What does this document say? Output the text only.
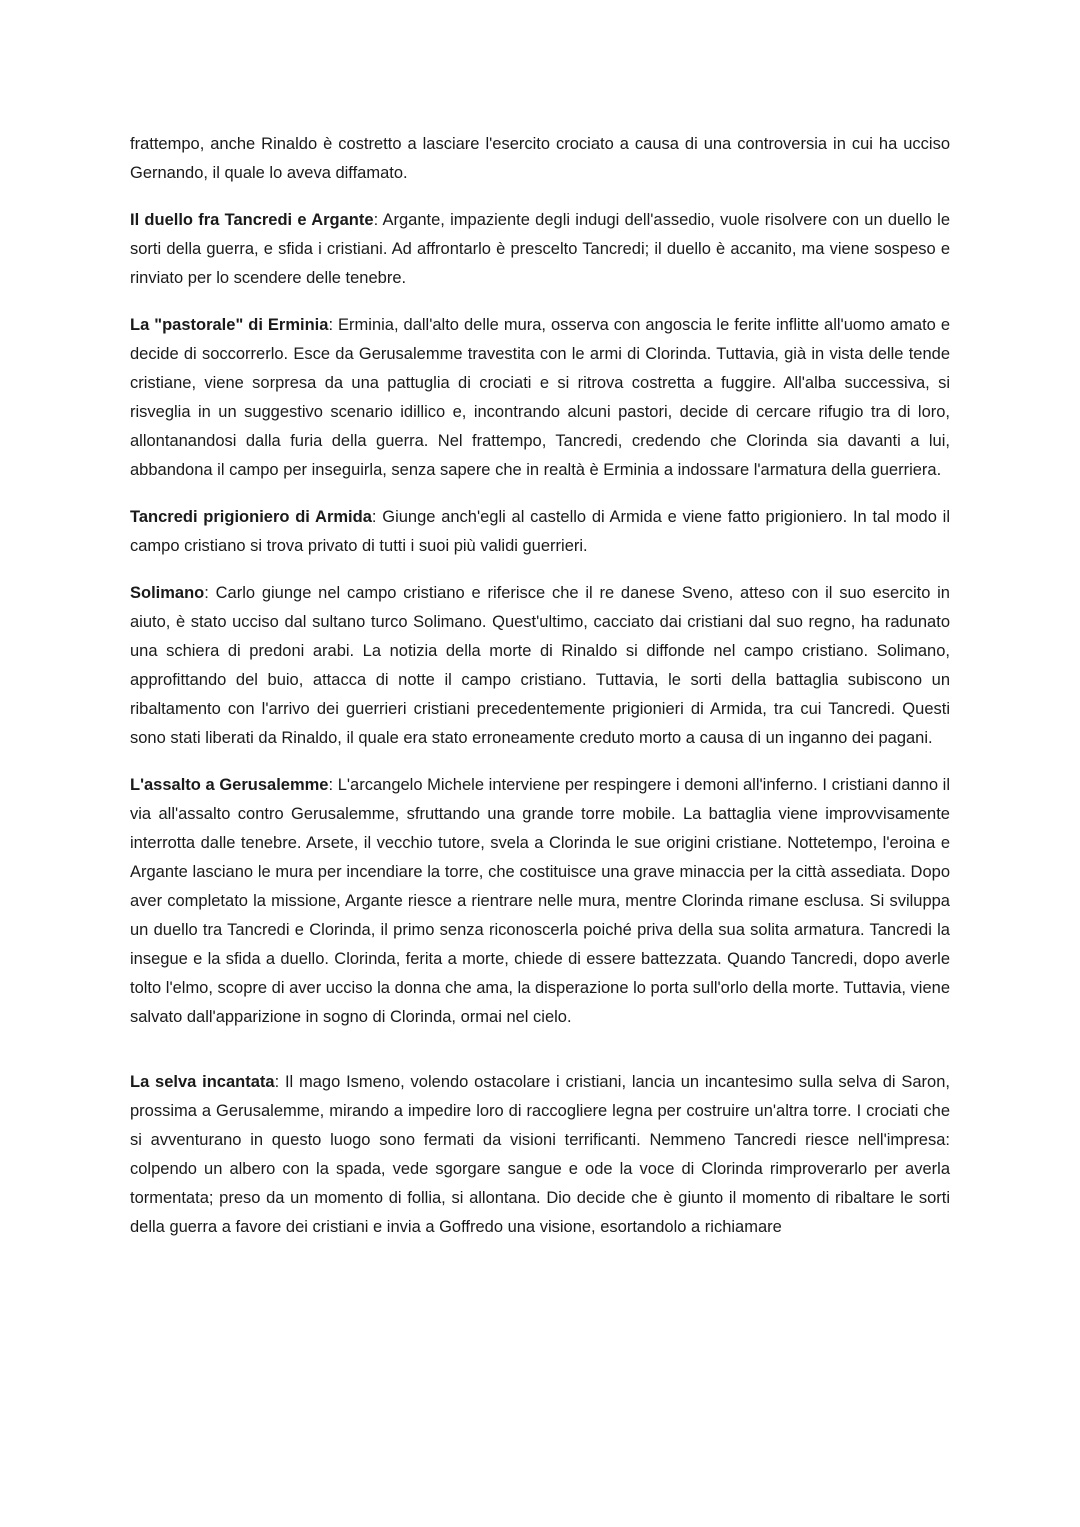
frattempo, anche Rinaldo è costretto a lasciare l'esercito crociato a causa di una controversia in cui ha ucciso Gernando, il quale lo aveva diffamato.

Il duello fra Tancredi e Argante: Argante, impaziente degli indugi dell'assedio, vuole risolvere con un duello le sorti della guerra, e sfida i cristiani. Ad affrontarlo è prescelto Tancredi; il duello è accanito, ma viene sospeso e rinviato per lo scendere delle tenebre.

La "pastorale" di Erminia: Erminia, dall'alto delle mura, osserva con angoscia le ferite inflitte all'uomo amato e decide di soccorrerlo. Esce da Gerusalemme travestita con le armi di Clorinda. Tuttavia, già in vista delle tende cristiane, viene sorpresa da una pattuglia di crociati e si ritrova costretta a fuggire. All'alba successiva, si risveglia in un suggestivo scenario idillico e, incontrando alcuni pastori, decide di cercare rifugio tra di loro, allontanandosi dalla furia della guerra. Nel frattempo, Tancredi, credendo che Clorinda sia davanti a lui, abbandona il campo per inseguirla, senza sapere che in realtà è Erminia a indossare l'armatura della guerriera.

Tancredi prigioniero di Armida: Giunge anch'egli al castello di Armida e viene fatto prigioniero. In tal modo il campo cristiano si trova privato di tutti i suoi più validi guerrieri.

Solimano: Carlo giunge nel campo cristiano e riferisce che il re danese Sveno, atteso con il suo esercito in aiuto, è stato ucciso dal sultano turco Solimano. Quest'ultimo, cacciato dai cristiani dal suo regno, ha radunato una schiera di predoni arabi. La notizia della morte di Rinaldo si diffonde nel campo cristiano. Solimano, approfittando del buio, attacca di notte il campo cristiano. Tuttavia, le sorti della battaglia subiscono un ribaltamento con l'arrivo dei guerrieri cristiani precedentemente prigionieri di Armida, tra cui Tancredi. Questi sono stati liberati da Rinaldo, il quale era stato erroneamente creduto morto a causa di un inganno dei pagani.

L'assalto a Gerusalemme: L'arcangelo Michele interviene per respingere i demoni all'inferno. I cristiani danno il via all'assalto contro Gerusalemme, sfruttando una grande torre mobile. La battaglia viene improvvisamente interrotta dalle tenebre. Arsete, il vecchio tutore, svela a Clorinda le sue origini cristiane. Nottetempo, l'eroina e Argante lasciano le mura per incendiare la torre, che costituisce una grave minaccia per la città assediata. Dopo aver completato la missione, Argante riesce a rientrare nelle mura, mentre Clorinda rimane esclusa. Si sviluppa un duello tra Tancredi e Clorinda, il primo senza riconoscerla poiché priva della sua solita armatura. Tancredi la insegue e la sfida a duello. Clorinda, ferita a morte, chiede di essere battezzata. Quando Tancredi, dopo averle tolto l'elmo, scopre di aver ucciso la donna che ama, la disperazione lo porta sull'orlo della morte. Tuttavia, viene salvato dall'apparizione in sogno di Clorinda, ormai nel cielo.

La selva incantata: Il mago Ismeno, volendo ostacolare i cristiani, lancia un incantesimo sulla selva di Saron, prossima a Gerusalemme, mirando a impedire loro di raccogliere legna per costruire un'altra torre. I crociati che si avventurano in questo luogo sono fermati da visioni terrificanti. Nemmeno Tancredi riesce nell'impresa: colpendo un albero con la spada, vede sgorgare sangue e ode la voce di Clorinda rimproverarlo per averla tormentata; preso da un momento di follia, si allontana. Dio decide che è giunto il momento di ribaltare le sorti della guerra a favore dei cristiani e invia a Goffredo una visione, esortandolo a richiamare
